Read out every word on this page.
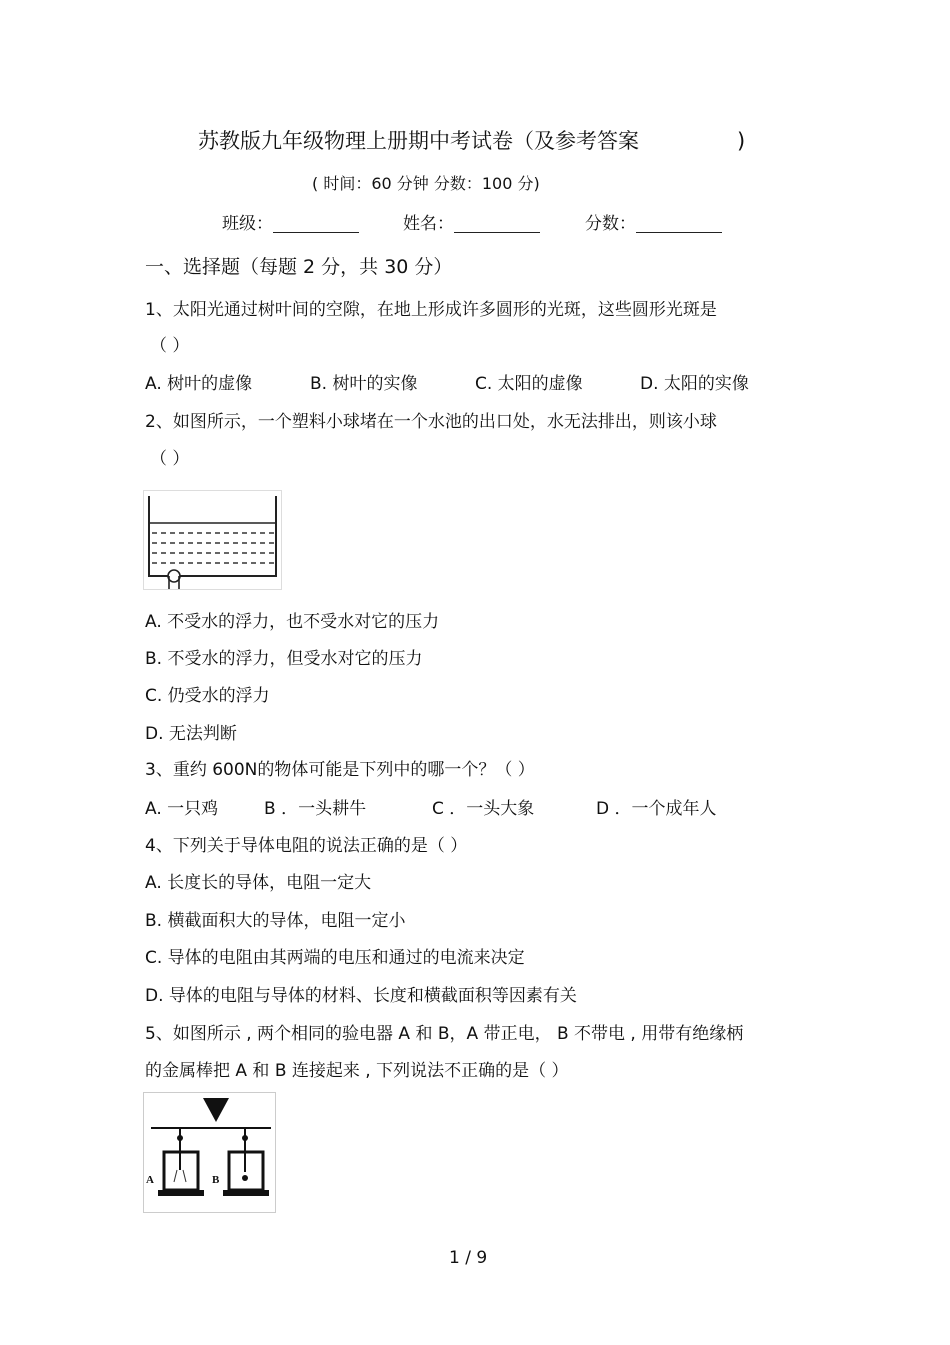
苏教版九年级物理上册期中考试卷（及参考答案	)
( 时间：60 分钟 分数：100 分)
班级：	姓名：	分数：
一、选择题（每题 2 分，共 30 分）
1、太阳光通过树叶间的空隙，在地上形成许多圆形的光斑，这些圆形光斑是
（ ）
A. 树叶的虚像	B. 树叶的实像	C. 太阳的虚像	D. 太阳的实像
2、如图所示，一个塑料小球堵在一个水池的出口处，水无法排出，则该小球
（ ）
A. 不受水的浮力，也不受水对它的压力
B. 不受水的浮力，但受水对它的压力
C. 仍受水的浮力
D. 无法判断
3、重约 600N的物体可能是下列中的哪一个？（ ）
A. 一只鸡	B ．一头耕牛	C ．一头大象	D ．一个成年人
4、下列关于导体电阻的说法正确的是（ ）
A. 长度长的导体，电阻一定大
B. 横截面积大的导体，电阻一定小
C. 导体的电阻由其两端的电压和通过的电流来决定
D. 导体的电阻与导体的材料、长度和横截面积等因素有关
5、如图所示 , 两个相同的验电器 A 和 B，A 带正电， B 不带电 , 用带有绝缘柄
的金属棒把 A 和 B 连接起来 , 下列说法不正确的是（ ）
A	B
1 / 9
